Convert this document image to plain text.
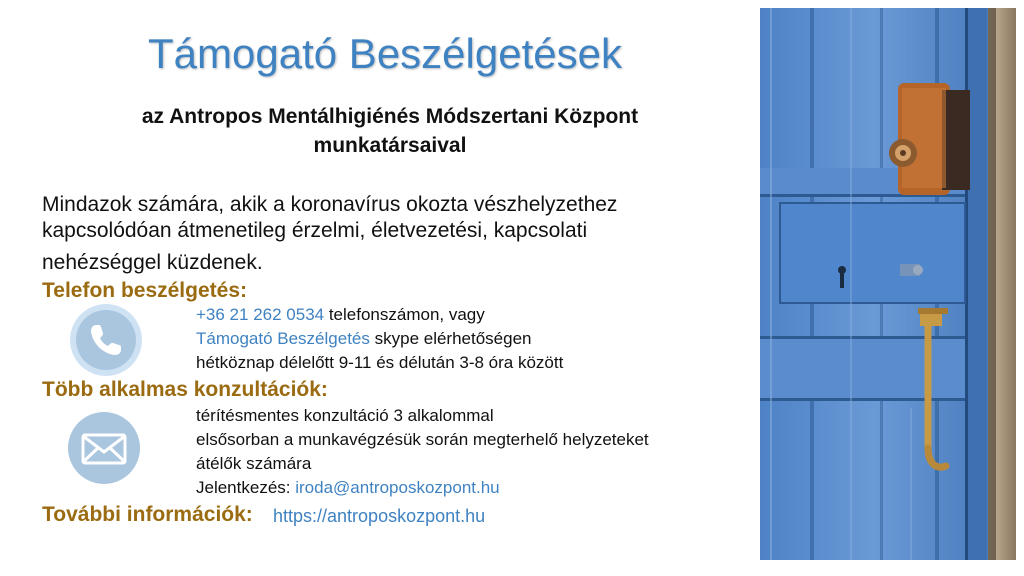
Támogató Beszélgetések
az Antropos Mentálhigiénés Módszertani Központ
munkatársaival
Mindazok számára, akik a koronavírus okozta vészhelyzethez
kapcsolódóan átmenetileg érzelmi, életvezetési, kapcsolati
nehézséggel küzdenek.
Telefon beszélgetés:
+36 21 262 0534 telefonszámon, vagy
Támogató Beszélgetés skype elérhetőségen
hétköznap délelőtt 9-11 és délután 3-8 óra között
Több alkalmas konzultációk:
térítésmentes konzultáció 3 alkalommal
elsősorban a munkavégzésük során megterhelő helyzeteket
átélők számára
Jelentkezés: iroda@antroposkozpont.hu
További információk: https://antroposkozpont.hu
